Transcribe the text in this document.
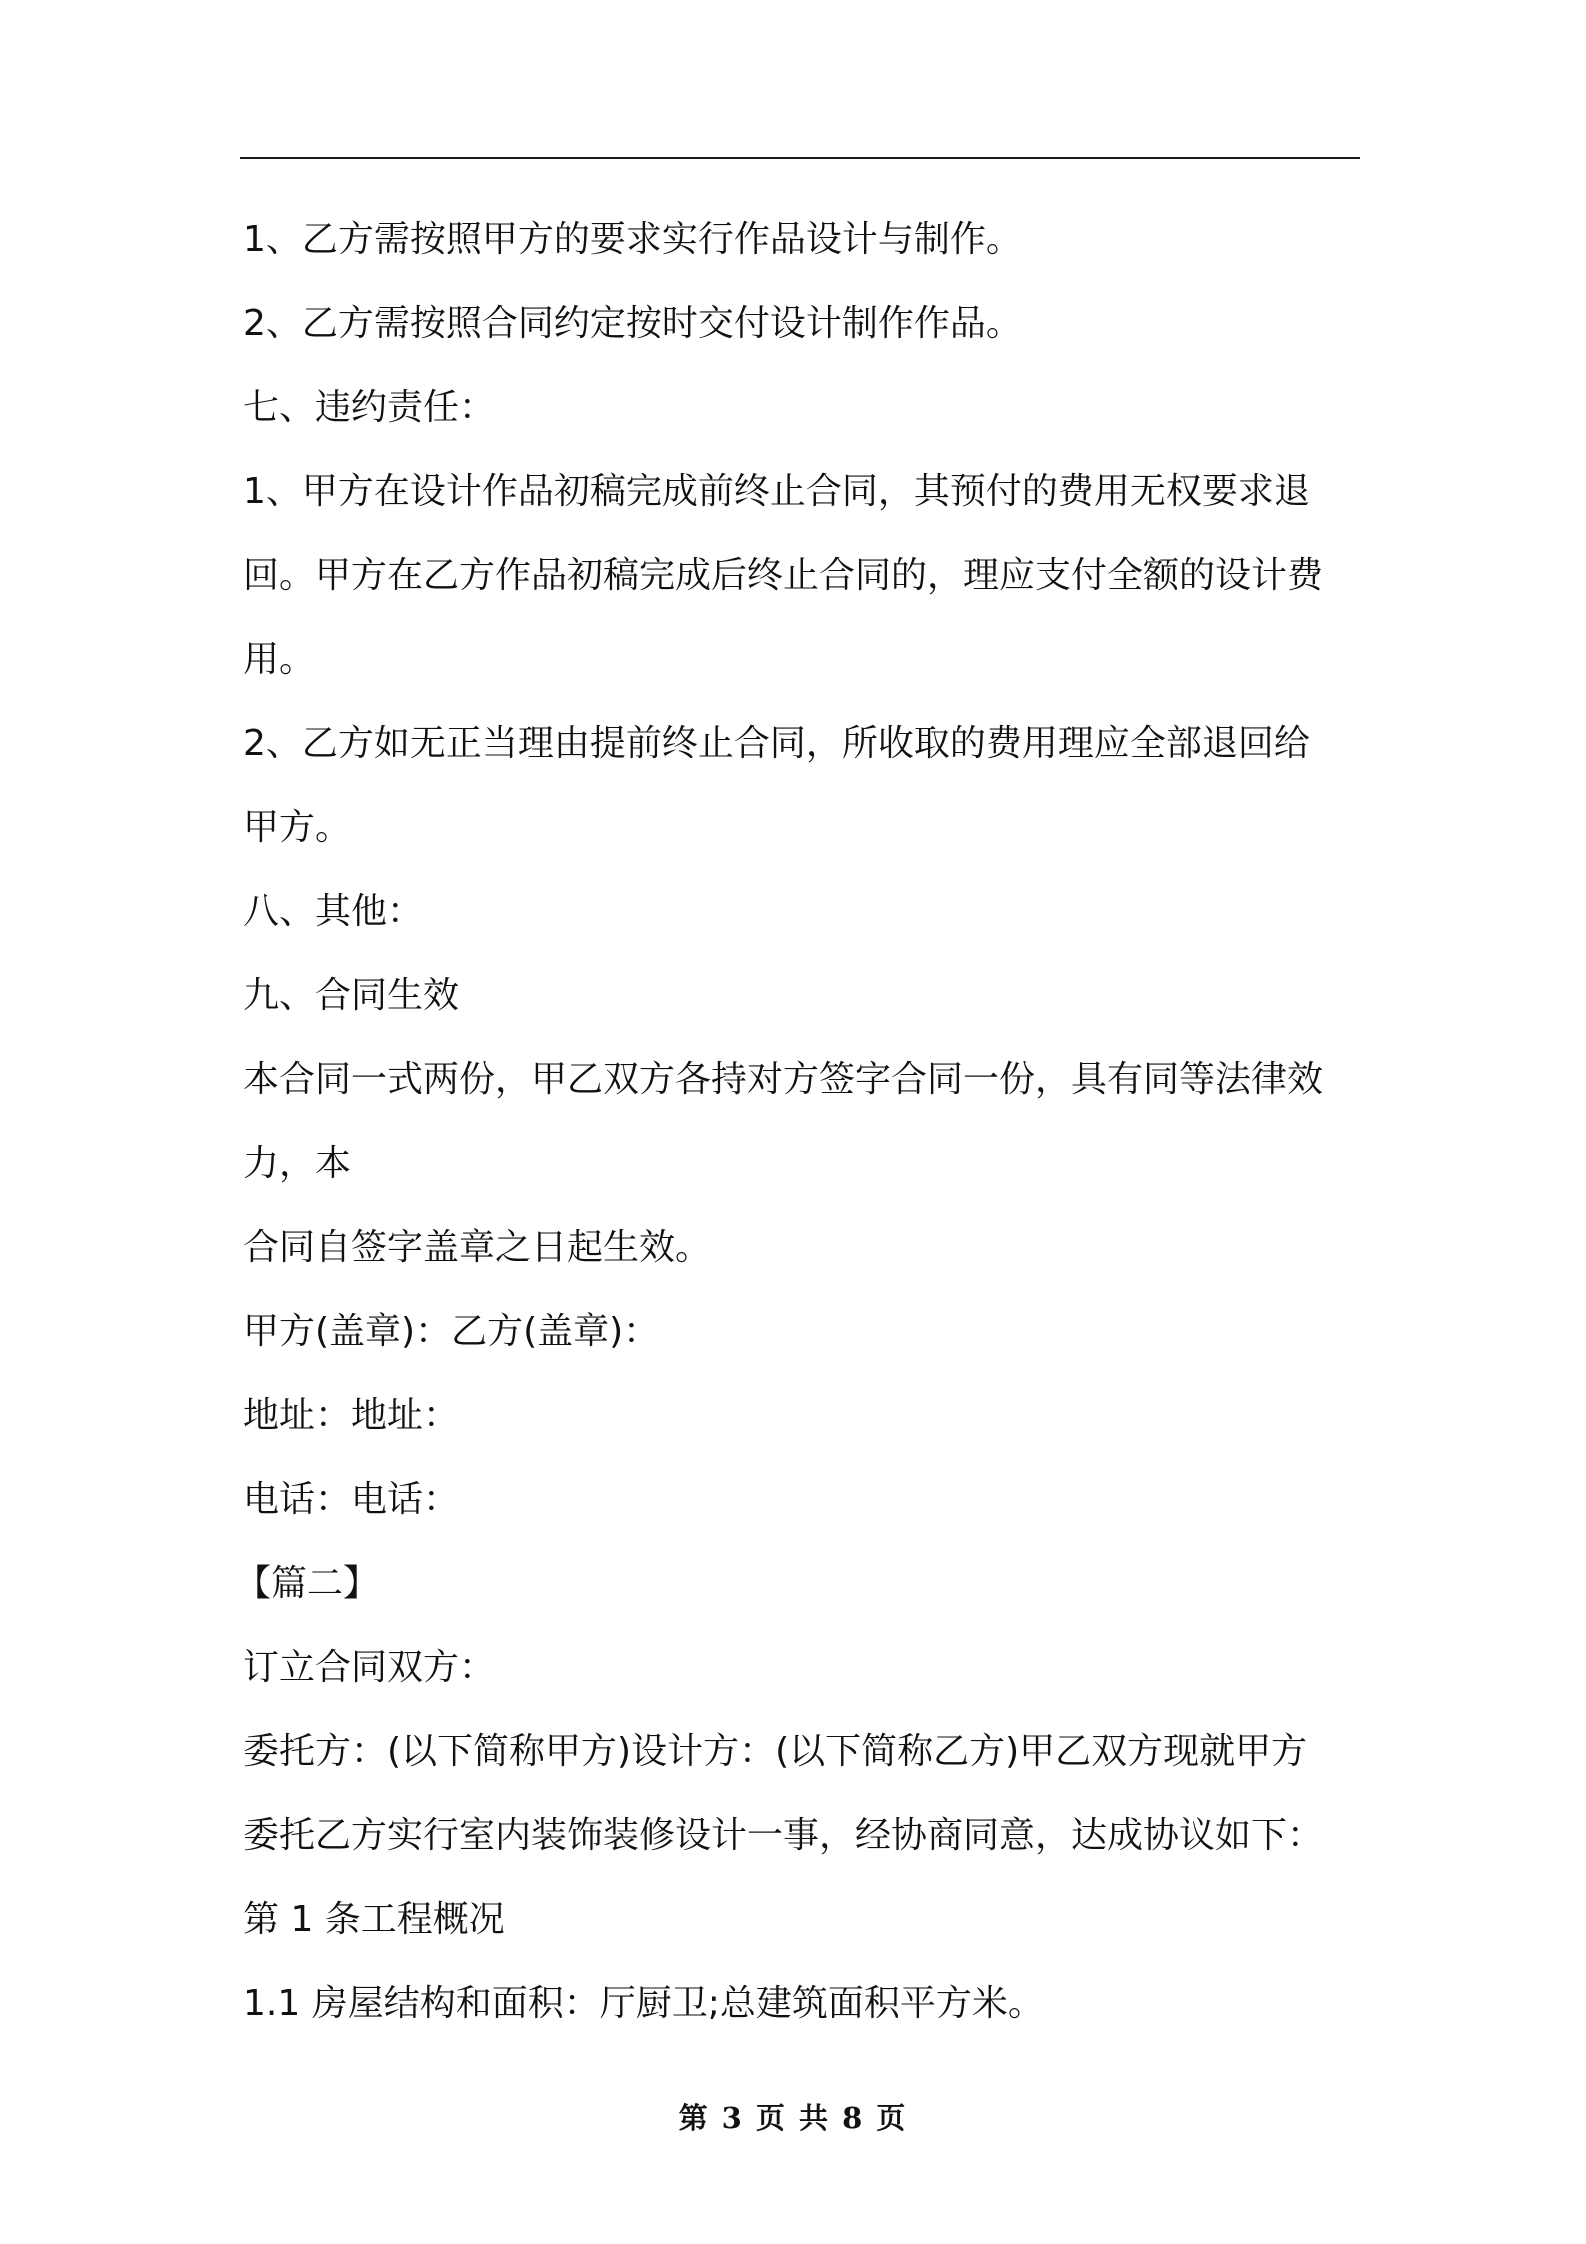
1、乙方需按照甲方的要求实行作品设计与制作。
2、乙方需按照合同约定按时交付设计制作作品。
七、违约责任：
1、甲方在设计作品初稿完成前终止合同，其预付的费用无权要求退
回。甲方在乙方作品初稿完成后终止合同的，理应支付全额的设计费
用。
2、乙方如无正当理由提前终止合同，所收取的费用理应全部退回给
甲方。
八、其他：
九、合同生效
本合同一式两份，甲乙双方各持对方签字合同一份，具有同等法律效
力，本
合同自签字盖章之日起生效。
甲方(盖章)：乙方(盖章)：
地址：地址：
电话：电话：
【篇二】
订立合同双方：
委托方：(以下简称甲方)设计方：(以下简称乙方)甲乙双方现就甲方
委托乙方实行室内装饰装修设计一事，经协商同意，达成协议如下：
第 1 条工程概况
1.1 房屋结构和面积：厅厨卫;总建筑面积平方米。
第 3 页 共 8 页
